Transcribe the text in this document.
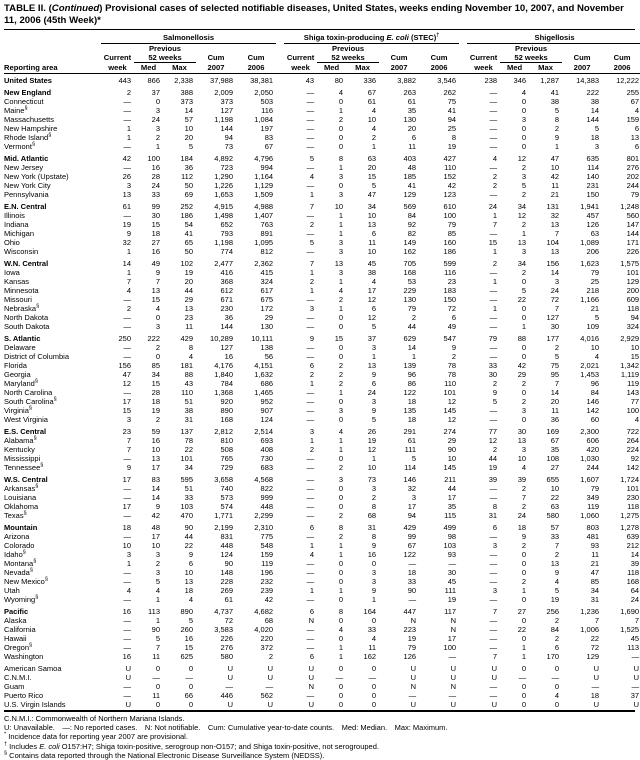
TABLE II. (Continued) Provisional cases of selected notifiable diseases, United States, weeks ending November 10, 2007, and November 11, 2006 (45th Week)*
	Salmonellosis						Shiga toxin-producing E. coli (STEC)†						Shigellosis				
		Previous						Previous						Previous			
	Current	52 weeks		Cum	Cum		Current	52 weeks		Cum	Cum		Current	52 weeks		Cum	Cum
Reporting area	week	Med	Max	2007	2006		week	Med	Max	2007	2006		week	Med	Max	2007	2006
United States	443	866	2,338	37,988	38,381		43	80	336	3,882	3,546		238	346	1,287	14,383	12,222
New England	2	37	388	2,009	2,050		—	4	67	263	262		—	4	41	222	255
Connecticut	—	0	373	373	503		—	0	61	61	75		—	0	38	38	67
Maine§	—	3	14	127	116		—	1	4	35	41		—	0	5	14	4
Massachusetts	—	24	57	1,198	1,084		—	2	10	130	94		—	3	8	144	159
New Hampshire	1	3	10	144	197		—	0	4	20	25		—	0	2	5	6
Rhode Island§	1	2	20	94	83		—	0	2	6	8		—	0	9	18	13
Vermont§	—	1	5	73	67		—	0	1	11	19		—	0	1	3	6
Mid. Atlantic	42	100	184	4,892	4,796		5	8	63	403	427		4	12	47	635	801
New Jersey	—	16	36	723	994		—	1	20	48	110		—	2	10	114	276
New York (Upstate)	26	28	112	1,290	1,164		4	3	15	185	152		2	3	42	140	202
New York City	3	24	50	1,226	1,129		—	0	5	41	42		2	5	11	231	244
Pennsylvania	13	33	69	1,653	1,509		1	3	47	129	123		—	2	21	150	79
E.N. Central	61	99	252	4,915	4,988		7	10	34	569	610		24	34	131	1,941	1,248
Illinois	—	30	186	1,498	1,407		—	1	10	84	100		1	12	32	457	560
Indiana	19	15	54	652	763		2	1	13	92	79		7	2	13	126	147
Michigan	9	18	41	793	891		—	1	6	82	85		—	1	7	63	144
Ohio	32	27	65	1,198	1,095		5	3	11	149	160		15	13	104	1,089	171
Wisconsin	1	16	50	774	812		—	3	10	162	186		1	3	13	206	226
W.N. Central	14	49	102	2,477	2,362		7	13	45	705	599		2	34	156	1,623	1,575
Iowa	1	9	19	416	415		1	3	38	168	116		—	2	14	79	101
Kansas	7	7	20	368	324		2	1	4	53	23		1	0	3	25	129
Minnesota	4	13	44	612	617		1	4	17	229	183		—	5	24	218	200
Missouri	—	15	29	671	675		—	2	12	130	150		—	22	72	1,166	609
Nebraska§	2	4	13	230	172		3	1	6	79	72		1	0	7	21	118
North Dakota	—	0	23	36	29		—	0	12	2	6		—	0	127	5	94
South Dakota	—	3	11	144	130		—	0	5	44	49		—	1	30	109	324
S. Atlantic	250	222	429	10,289	10,111		9	15	37	629	547		79	88	177	4,016	2,929
Delaware	—	2	8	127	138		—	0	3	14	9		—	0	2	10	10
District of Columbia	—	0	4	16	56		—	0	1	1	2		—	0	5	4	15
Florida	156	85	181	4,176	4,151		6	2	13	139	78		33	42	75	2,021	1,342
Georgia	47	34	88	1,840	1,632		2	2	9	96	78		30	29	95	1,453	1,119
Maryland§	12	15	43	784	686		1	2	6	86	110		2	2	7	96	119
North Carolina	—	28	110	1,368	1,465		—	1	24	122	101		9	0	14	84	143
South Carolina§	17	18	51	920	952		—	0	3	18	12		5	2	20	146	77
Virginia§	15	19	38	890	907		—	3	9	135	145		—	3	11	142	100
West Virginia	3	2	31	168	124		—	0	5	18	12		—	0	36	60	4
E.S. Central	23	59	137	2,812	2,514		3	4	26	291	274		77	30	169	2,300	722
Alabama§	7	16	78	810	693		1	1	19	61	29		12	13	67	606	264
Kentucky	7	10	22	508	408		2	1	12	111	90		2	3	35	420	224
Mississippi	—	13	101	765	730		—	0	1	5	10		44	10	108	1,030	92
Tennessee§	9	17	34	729	683		—	2	10	114	145		19	4	27	244	142
W.S. Central	17	83	595	3,658	4,568		—	3	73	146	211		39	39	655	1,607	1,724
Arkansas§	—	14	51	740	822		—	0	3	32	44		—	2	10	79	101
Louisiana	—	14	33	573	999		—	0	2	3	17		—	7	22	349	230
Oklahoma	17	9	103	574	448		—	0	8	17	35		8	2	63	119	118
Texas§	—	42	470	1,771	2,299		—	2	68	94	115		31	24	580	1,060	1,275
Mountain	18	48	90	2,199	2,310		6	8	31	429	499		6	18	57	803	1,278
Arizona	—	17	44	831	775		—	2	8	99	98		—	9	33	481	639
Colorado	10	10	22	448	548		1	1	9	67	103		3	2	7	93	212
Idaho§	3	3	9	124	159		4	1	16	122	93		—	0	2	11	14
Montana§	1	2	6	90	119		—	0	0	—	—		—	0	13	21	39
Nevada§	—	3	10	148	196		—	0	3	18	30		—	0	9	47	118
New Mexico§	—	5	13	228	232		—	0	3	33	45		—	2	4	85	168
Utah	4	4	18	269	239		1	1	9	90	111		3	1	5	34	64
Wyoming§	—	1	4	61	42		—	0	1	—	19		—	0	19	31	24
Pacific	16	113	890	4,737	4,682		6	8	164	447	117		7	27	256	1,236	1,690
Alaska	—	1	5	72	68		N	0	0	N	N		—	0	2	7	7
California	—	90	260	3,583	4,020		—	4	33	223	N		—	22	84	1,006	1,525
Hawaii	—	5	16	226	220		—	0	4	19	17		—	0	2	22	45
Oregon§	—	7	15	276	372		—	1	11	79	100		—	1	6	72	113
Washington	16	11	625	580	2		6	1	162	126	—		7	1	170	129	—
American Samoa	U	0	0	U	U		U	0	0	U	U		U	0	0	U	U
C.N.M.I.	U	—	—	U	U		U	—	—	U	U		U	—	—	U	U
Guam	—	0	0	—	—		N	0	0	N	N		—	0	0	—	—
Puerto Rico	—	11	66	446	562		—	0	0	—	—		—	0	4	18	37
U.S. Virgin Islands	U	0	0	U	U		U	0	0	U	U		U	0	0	U	U
C.N.M.I.: Commonwealth of Northern Mariana Islands.
U: Unavailable. —: No reported cases. N: Not notifiable. Cum: Cumulative year-to-date counts. Med: Median. Max: Maximum.
* Incidence data for reporting year 2007 are provisional.
† Includes E. coli O157:H7; Shiga toxin-positive, serogroup non-O157; and Shiga toxin-positive, not serogrouped.
§ Contains data reported through the National Electronic Disease Surveillance System (NEDSS).
